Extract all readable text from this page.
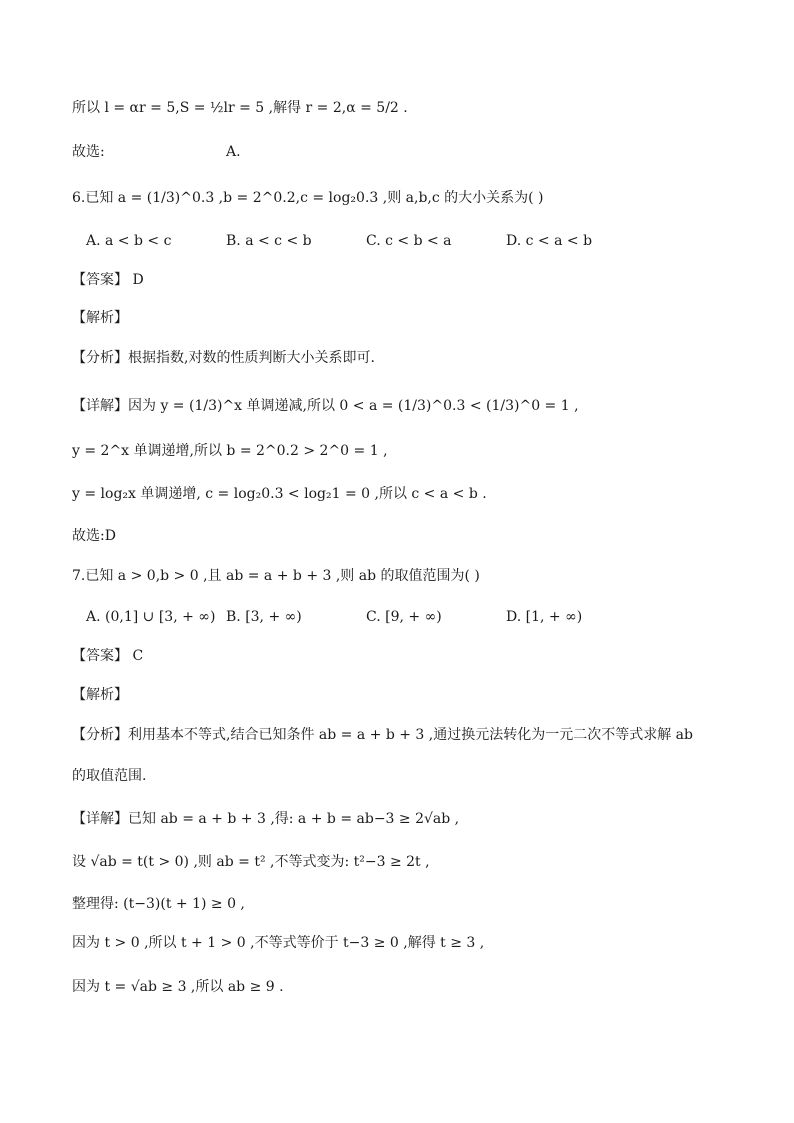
所以 l = αr = 5,S = ½lr = 5 ,解得 r = 2,α = 5/2 .
故选:	A.
6.已知 a = (1/3)^0.3 ,b = 2^0.2,c = log₂0.3 ,则 a,b,c 的大小关系为( )
A. a < b < c	B. a < c < b	C. c < b < a	D. c < a < b
【答案】 D
【解析】
【分析】根据指数,对数的性质判断大小关系即可.
【详解】因为 y = (1/3)^x 单调递减,所以 0 < a = (1/3)^0.3 < (1/3)^0 = 1 ,
y = 2^x 单调递增,所以 b = 2^0.2 > 2^0 = 1 ,
y = log₂x 单调递增, c = log₂0.3 < log₂1 = 0 ,所以 c < a < b .
故选:D
7.已知 a > 0,b > 0 ,且 ab = a + b + 3 ,则 ab 的取值范围为( )
A. (0,1] ∪ [3, + ∞) B. [3, + ∞)	C. [9, + ∞)	D. [1, + ∞)
【答案】 C
【解析】
【分析】利用基本不等式,结合已知条件 ab = a + b + 3 ,通过换元法转化为一元二次不等式求解 ab
的取值范围.
【详解】已知 ab = a + b + 3 ,得: a + b = ab−3 ≥ 2√ab ,
设 √ab = t(t > 0) ,则 ab = t² ,不等式变为: t²−3 ≥ 2t ,
整理得: (t−3)(t + 1) ≥ 0 ,
因为 t > 0 ,所以 t + 1 > 0 ,不等式等价于 t−3 ≥ 0 ,解得 t ≥ 3 ,
因为 t = √ab ≥ 3 ,所以 ab ≥ 9 .
